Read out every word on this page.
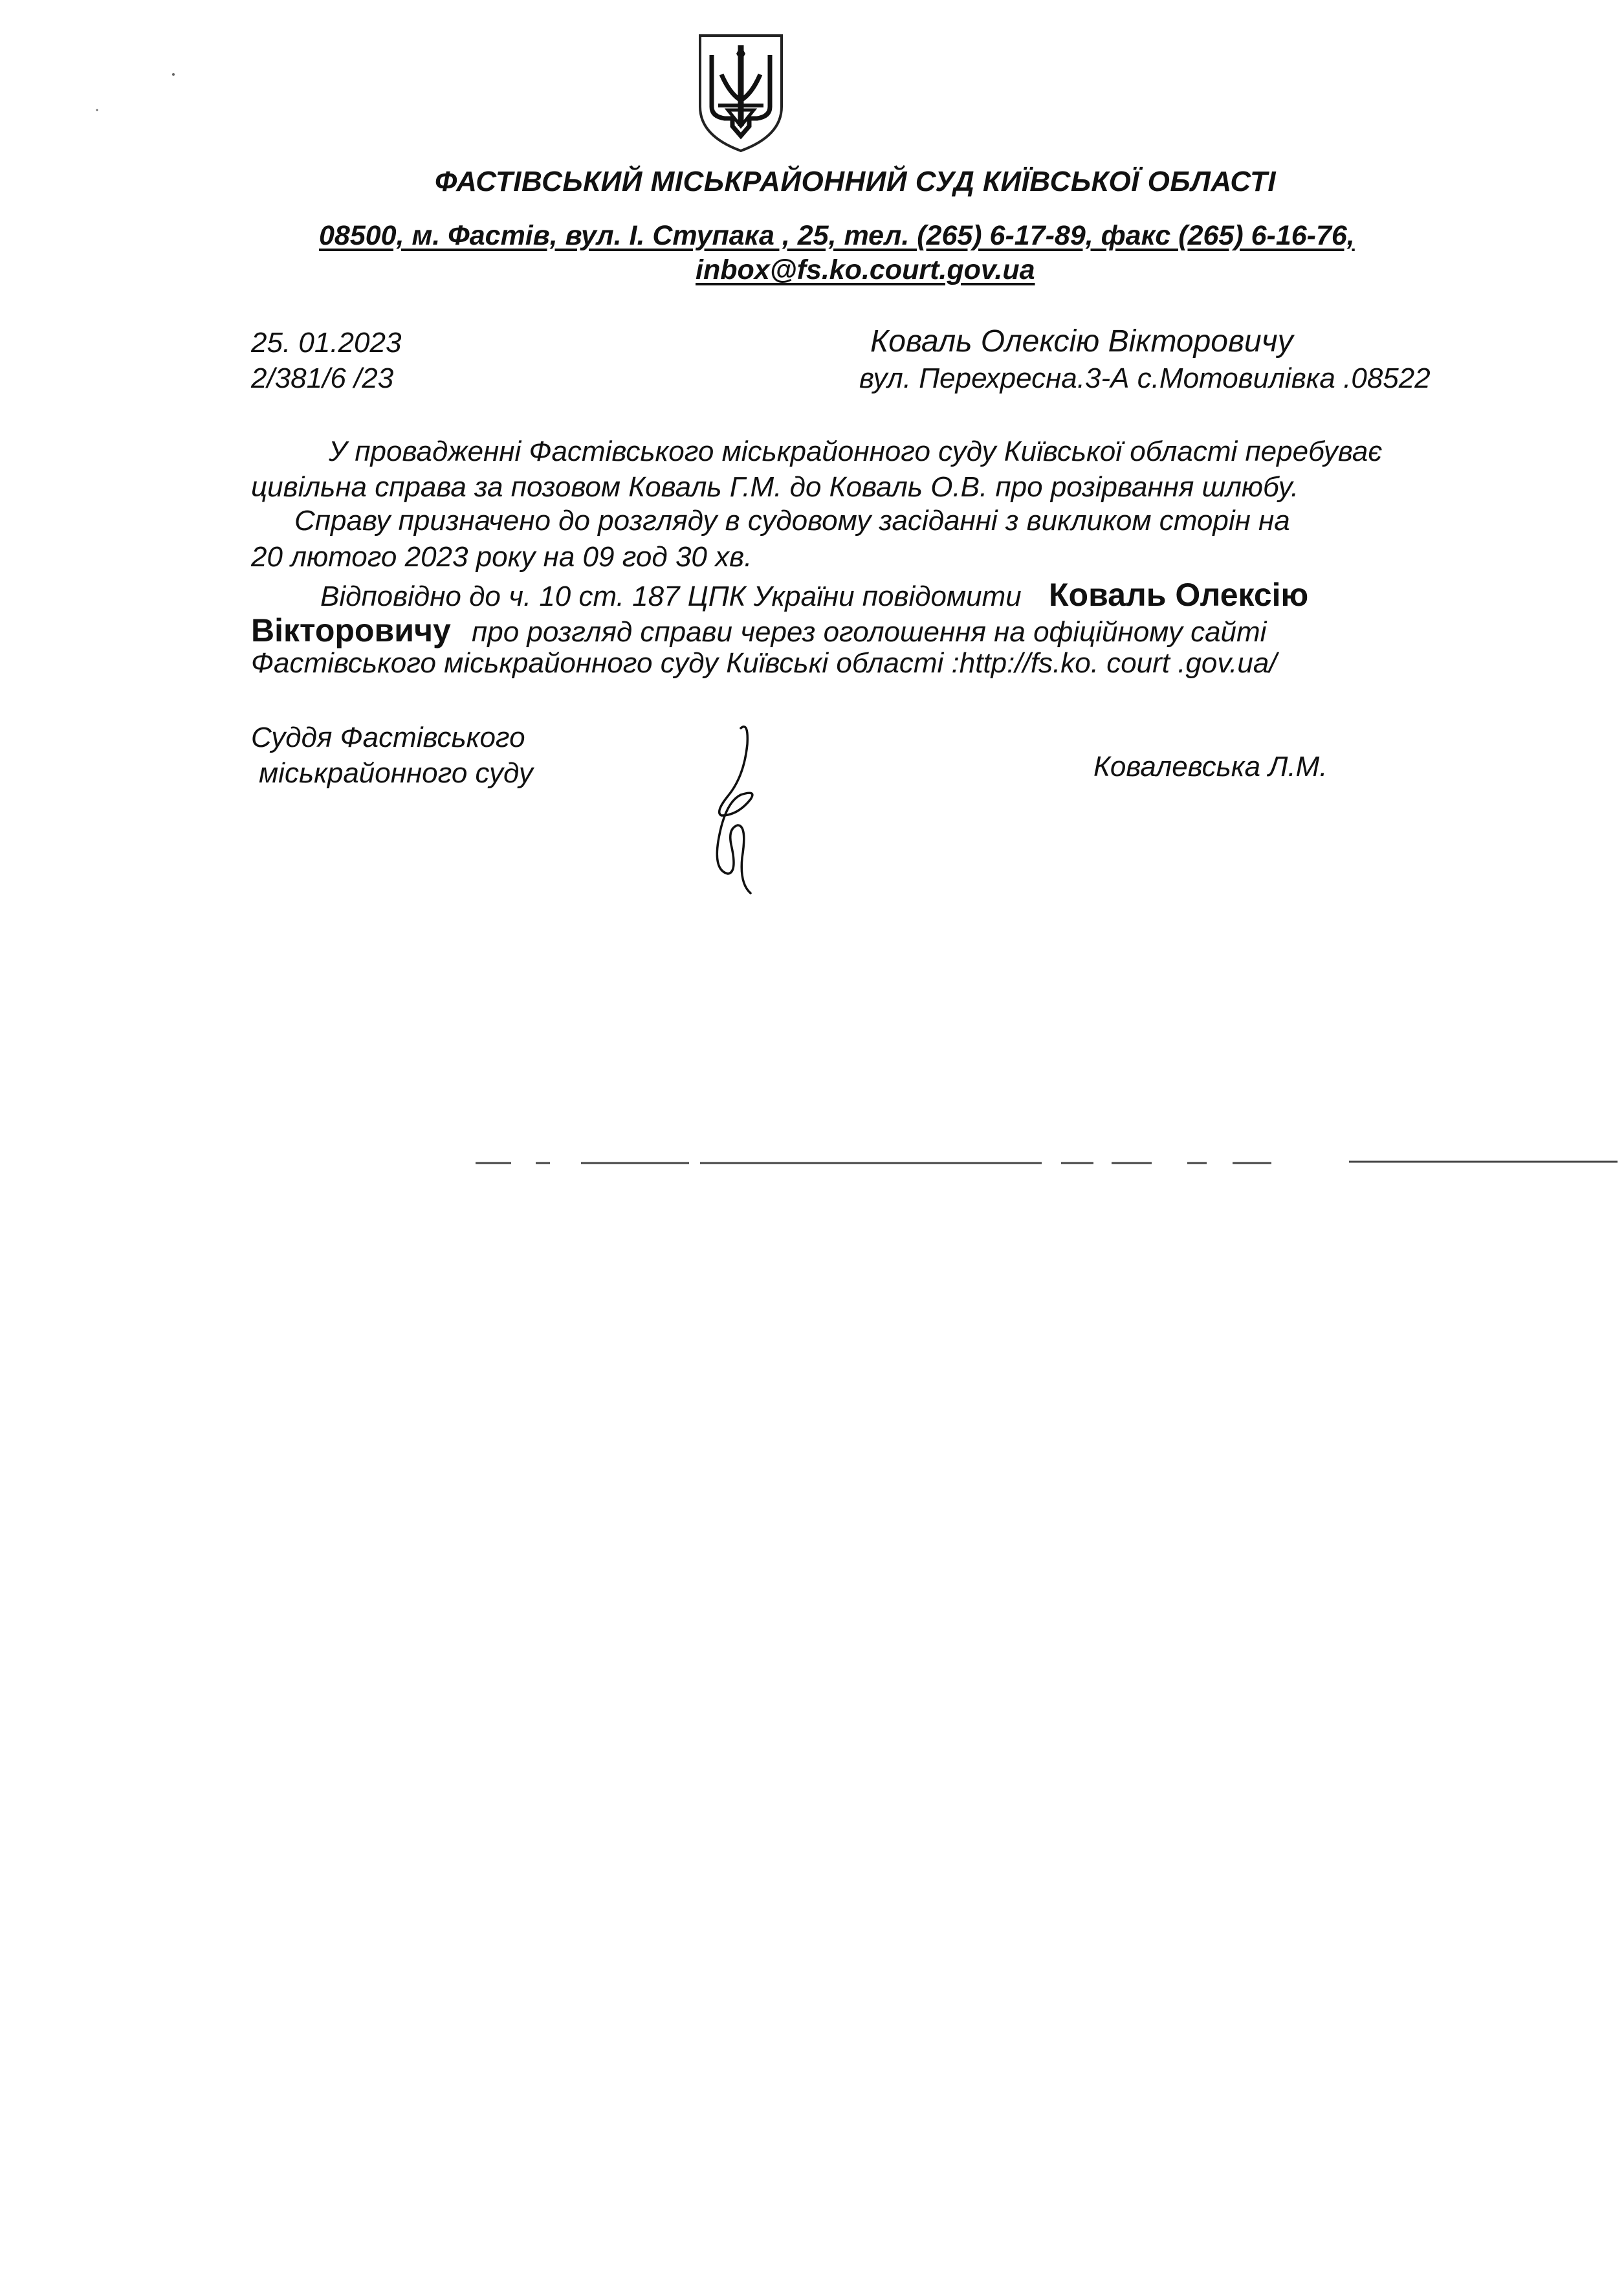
ФАСТІВСЬКИЙ МІСЬКРАЙОННИЙ СУД КИЇВСЬКОЇ ОБЛАСТІ
08500, м. Фастів, вул. І. Ступака , 25, тел. (265) 6-17-89, факс (265) 6-16-76,
inbox@fs.ko.court.gov.ua
25. 01.2023
2/381/6 /23
Коваль Олексію Вікторовичу
вул. Перехресна.3-А с.Мотовилівка .08522
У провадженні Фастівського міськрайонного суду Київської області перебуває
цивільна справа за позовом Коваль Г.М. до Коваль О.В. про розірвання шлюбу.
Справу призначено до розгляду в судовому засіданні з викликом сторін на
20 лютого 2023 року на 09 год 30 хв.
Відповідно до ч. 10 ст. 187 ЦПК України повідомити Коваль Олексію
Вікторовичу про розгляд справи через оголошення на офіційному сайті
Фастівського міськрайонного суду Київські області :http://fs.ko. court .gov.ua/
Суддя Фастівського
міськрайонного суду	Ковалевська Л.М.
